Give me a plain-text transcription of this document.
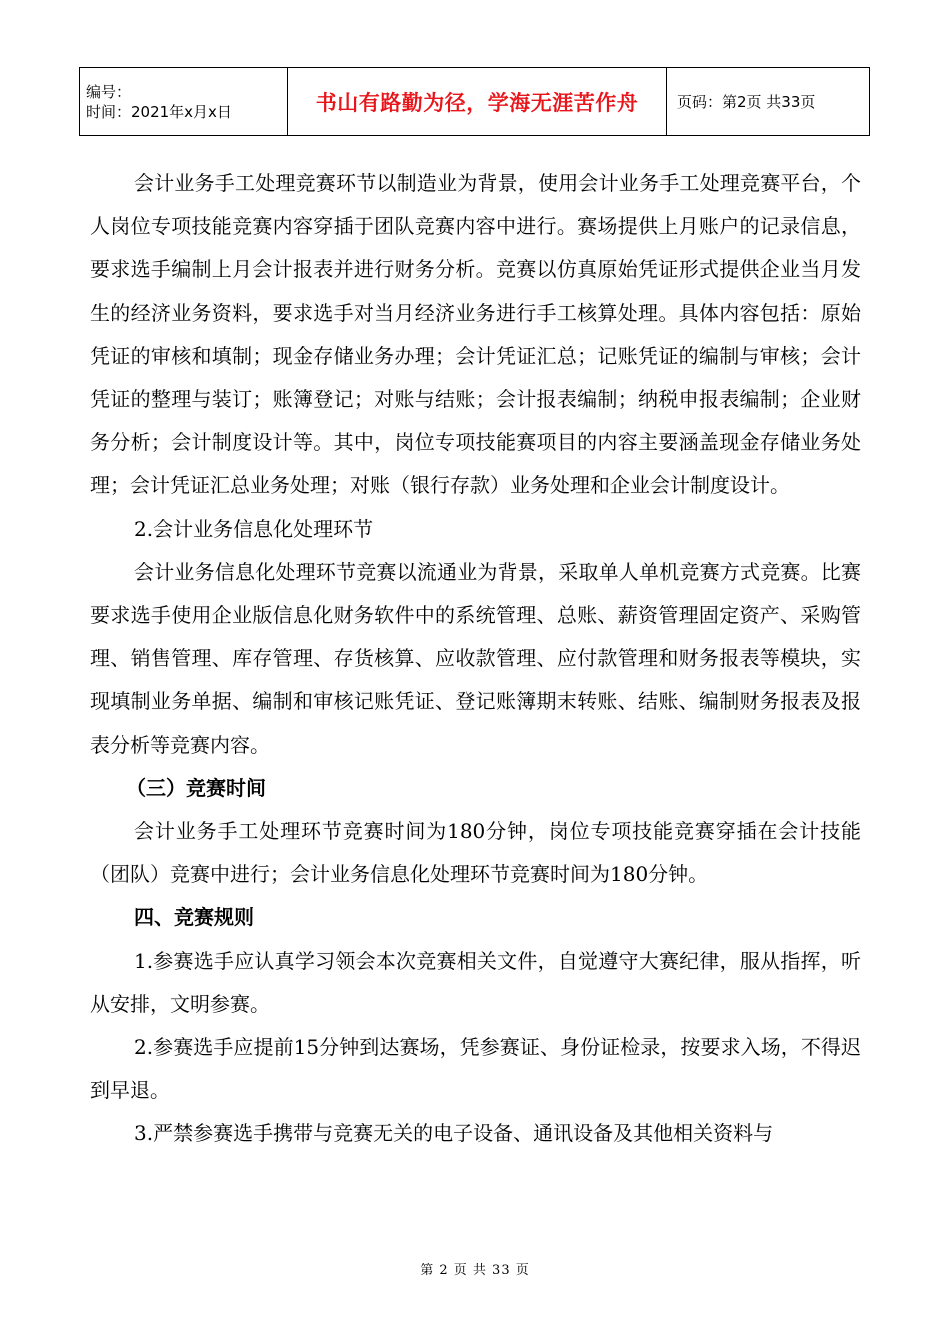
编号：
时间：2021年x月x日	书山有路勤为径，学海无涯苦作舟	页码：第2页 共33页

会计业务手工处理竞赛环节以制造业为背景，使用会计业务手工处理竞赛平台，个人岗位专项技能竞赛内容穿插于团队竞赛内容中进行。赛场提供上月账户的记录信息，要求选手编制上月会计报表并进行财务分析。竞赛以仿真原始凭证形式提供企业当月发生的经济业务资料，要求选手对当月经济业务进行手工核算处理。具体内容包括：原始凭证的审核和填制；现金存储业务办理；会计凭证汇总；记账凭证的编制与审核；会计凭证的整理与装订；账簿登记；对账与结账；会计报表编制；纳税申报表编制；企业财务分析；会计制度设计等。其中，岗位专项技能赛项目的内容主要涵盖现金存储业务处理；会计凭证汇总业务处理；对账（银行存款）业务处理和企业会计制度设计。

2.会计业务信息化处理环节

会计业务信息化处理环节竞赛以流通业为背景，采取单人单机竞赛方式竞赛。比赛要求选手使用企业版信息化财务软件中的系统管理、总账、薪资管理固定资产、采购管理、销售管理、库存管理、存货核算、应收款管理、应付款管理和财务报表等模块，实现填制业务单据、编制和审核记账凭证、登记账簿期末转账、结账、编制财务报表及报表分析等竞赛内容。

（三）竞赛时间

会计业务手工处理环节竞赛时间为180分钟，岗位专项技能竞赛穿插在会计技能（团队）竞赛中进行；会计业务信息化处理环节竞赛时间为180分钟。

四、竞赛规则

1.参赛选手应认真学习领会本次竞赛相关文件，自觉遵守大赛纪律，服从指挥，听从安排，文明参赛。

2.参赛选手应提前15分钟到达赛场，凭参赛证、身份证检录，按要求入场，不得迟到早退。

3.严禁参赛选手携带与竞赛无关的电子设备、通讯设备及其他相关资料与

第 2 页 共 33 页
